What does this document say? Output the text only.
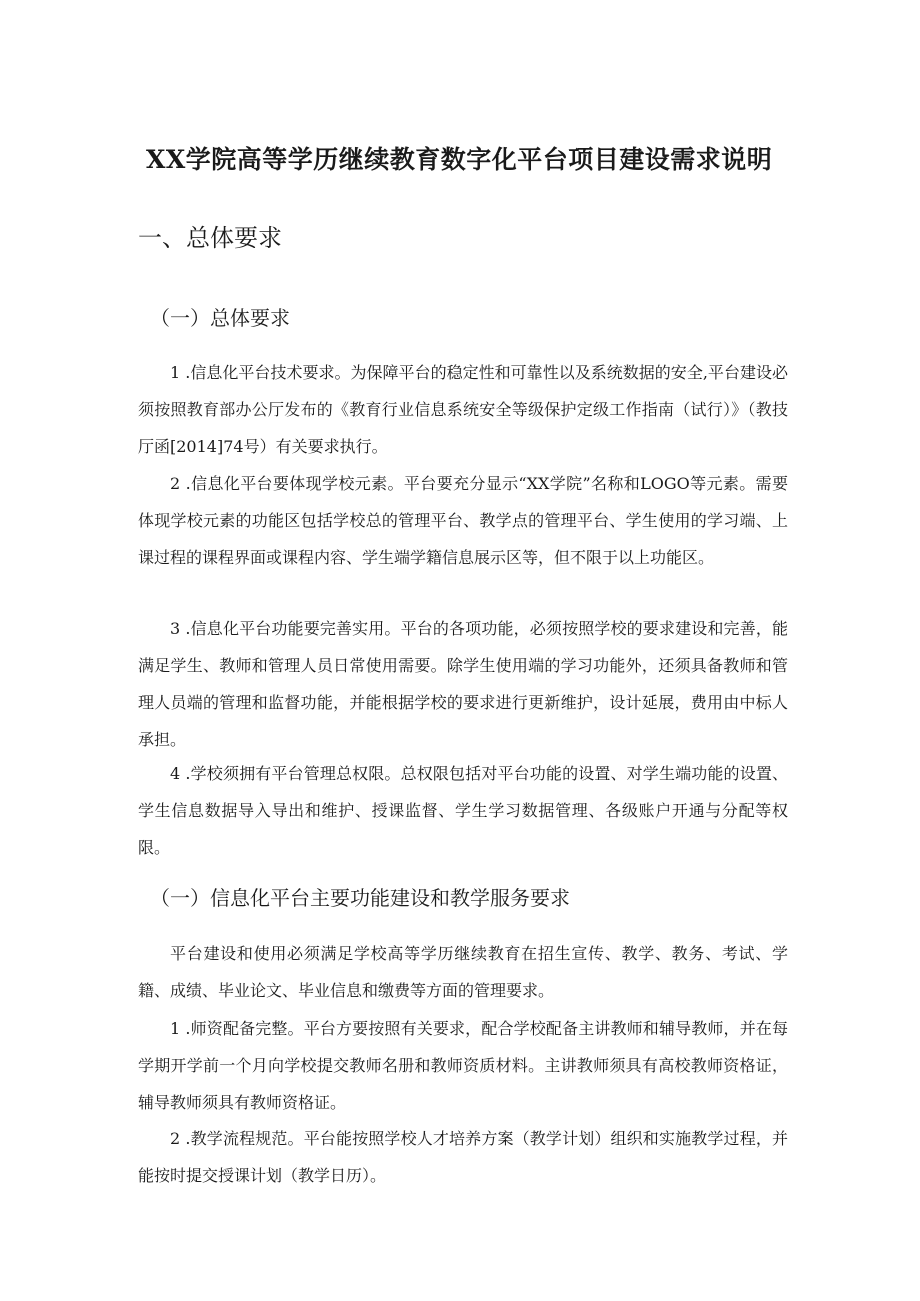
XX学院高等学历继续教育数字化平台项目建设需求说明
一、总体要求
（一）总体要求

1 .信息化平台技术要求。为保障平台的稳定性和可靠性以及系统数据的安全,平台建设必须按照教育部办公厅发布的《教育行业信息系统安全等级保护定级工作指南（试行）》（教技厅函[2014]74号）有关要求执行。

2 .信息化平台要体现学校元素。平台要充分显示“XX学院”名称和LOGO等元素。需要体现学校元素的功能区包括学校总的管理平台、教学点的管理平台、学生使用的学习端、上课过程的课程界面或课程内容、学生端学籍信息展示区等，但不限于以上功能区。

3 .信息化平台功能要完善实用。平台的各项功能，必须按照学校的要求建设和完善，能满足学生、教师和管理人员日常使用需要。除学生使用端的学习功能外，还须具备教师和管理人员端的管理和监督功能，并能根据学校的要求进行更新维护，设计延展，费用由中标人承担。

4 .学校须拥有平台管理总权限。总权限包括对平台功能的设置、对学生端功能的设置、学生信息数据导入导出和维护、授课监督、学生学习数据管理、各级账户开通与分配等权限。

（一）信息化平台主要功能建设和教学服务要求

平台建设和使用必须满足学校高等学历继续教育在招生宣传、教学、教务、考试、学籍、成绩、毕业论文、毕业信息和缴费等方面的管理要求。

1 .师资配备完整。平台方要按照有关要求，配合学校配备主讲教师和辅导教师，并在每学期开学前一个月向学校提交教师名册和教师资质材料。主讲教师须具有高校教师资格证，辅导教师须具有教师资格证。

2 .教学流程规范。平台能按照学校人才培养方案（教学计划）组织和实施教学过程，并能按时提交授课计划（教学日历）。
